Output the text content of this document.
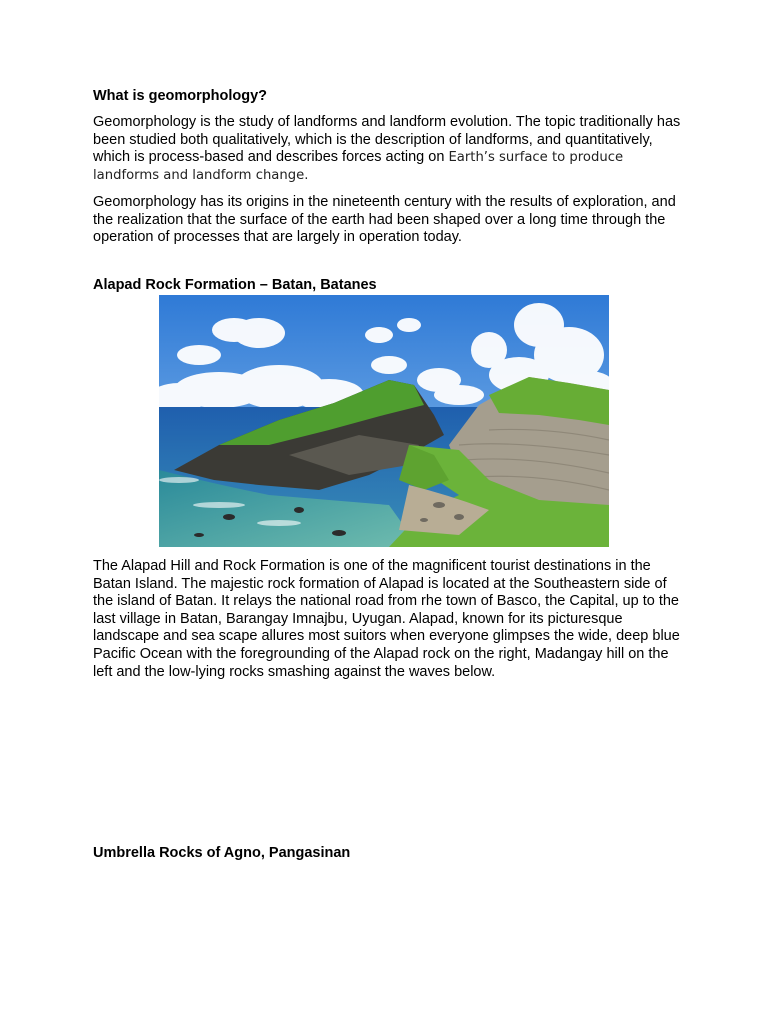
What is geomorphology?

Geomorphology is the study of landforms and landform evolution. The topic traditionally has been studied both qualitatively, which is the description of landforms, and quantitatively, which is process-based and describes forces acting on Earth’s surface to produce landforms and landform change.

Geomorphology has its origins in the nineteenth century with the results of exploration, and the realization that the surface of the earth had been shaped over a long time through the operation of processes that are largely in operation today.

Alapad Rock Formation – Batan, Batanes

The Alapad Hill and Rock Formation is one of the magnificent tourist destinations in the Batan Island. The majestic rock formation of Alapad is located at the Southeastern side of the island of Batan. It relays the national road from rhe town of Basco, the Capital, up to the last village in Batan, Barangay Imnajbu, Uyugan. Alapad, known for its picturesque landscape and sea scape allures most suitors when everyone glimpses the wide, deep blue Pacific Ocean with the foregrounding of the Alapad rock on the right, Madangay hill on the left and the low-lying rocks smashing against the waves below.

Umbrella Rocks of Agno, Pangasinan
